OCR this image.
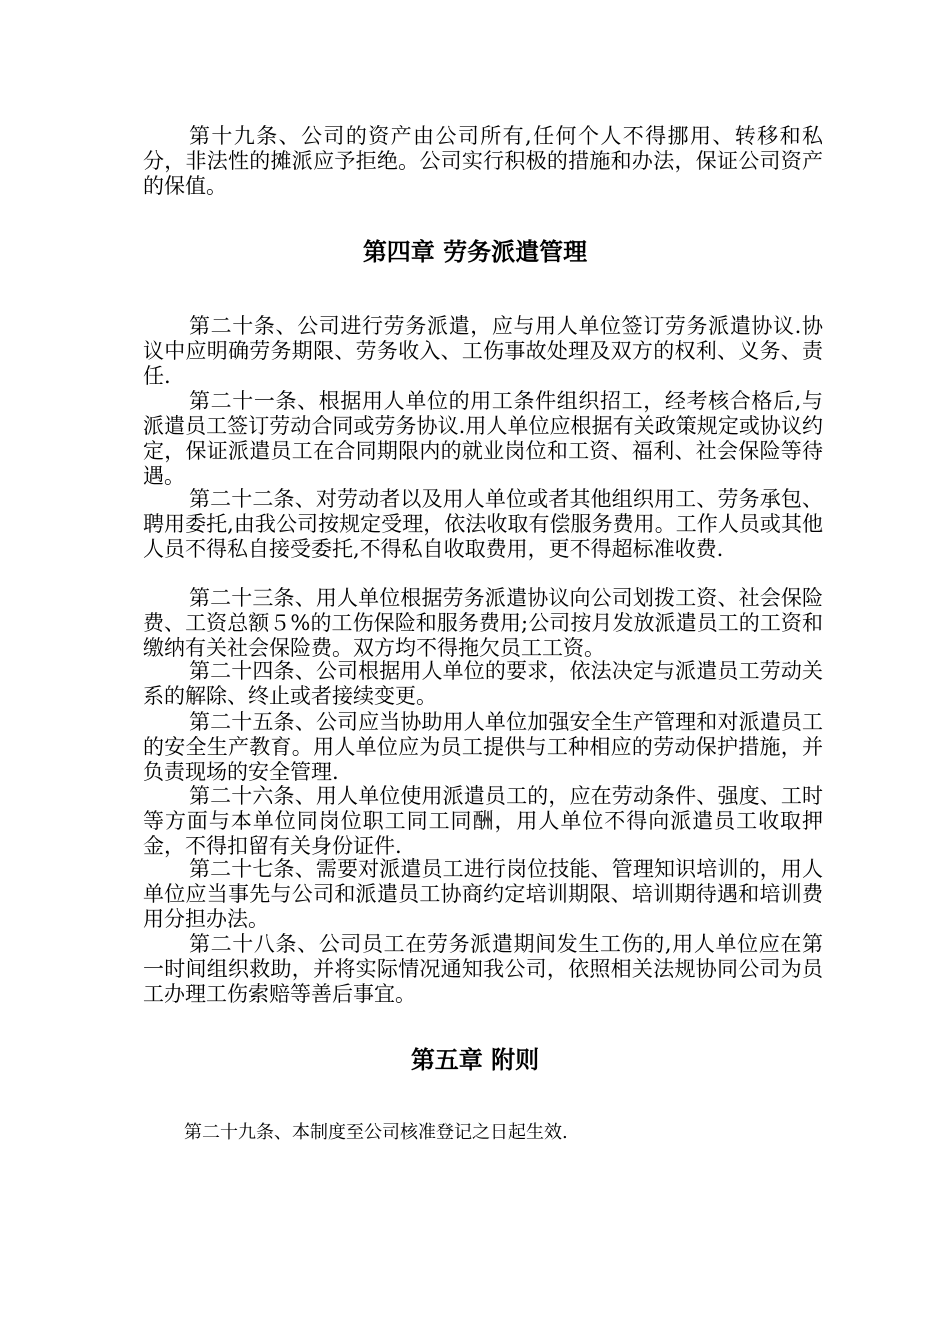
第十九条、公司的资产由公司所有,任何个人不得挪用、转移和私分，非法性的摊派应予拒绝。公司实行积极的措施和办法，保证公司资产的保值。

第四章 劳务派遣管理

第二十条、公司进行劳务派遣，应与用人单位签订劳务派遣协议.协议中应明确劳务期限、劳务收入、工伤事故处理及双方的权利、义务、责任.

第二十一条、根据用人单位的用工条件组织招工，经考核合格后,与派遣员工签订劳动合同或劳务协议.用人单位应根据有关政策规定或协议约定，保证派遣员工在合同期限内的就业岗位和工资、福利、社会保险等待遇。

第二十二条、对劳动者以及用人单位或者其他组织用工、劳务承包、聘用委托,由我公司按规定受理，依法收取有偿服务费用。工作人员或其他人员不得私自接受委托,不得私自收取费用，更不得超标准收费.

第二十三条、用人单位根据劳务派遣协议向公司划拨工资、社会保险费、工资总额５%的工伤保险和服务费用;公司按月发放派遣员工的工资和缴纳有关社会保险费。双方均不得拖欠员工工资。

第二十四条、公司根据用人单位的要求，依法决定与派遣员工劳动关系的解除、终止或者接续变更。

第二十五条、公司应当协助用人单位加强安全生产管理和对派遣员工的安全生产教育。用人单位应为员工提供与工种相应的劳动保护措施，并负责现场的安全管理.

第二十六条、用人单位使用派遣员工的，应在劳动条件、强度、工时等方面与本单位同岗位职工同工同酬，用人单位不得向派遣员工收取押金，不得扣留有关身份证件.

第二十七条、需要对派遣员工进行岗位技能、管理知识培训的，用人单位应当事先与公司和派遣员工协商约定培训期限、培训期待遇和培训费用分担办法。

第二十八条、公司员工在劳务派遣期间发生工伤的,用人单位应在第一时间组织救助，并将实际情况通知我公司，依照相关法规协同公司为员工办理工伤索赔等善后事宜。

第五章 附则

第二十九条、本制度至公司核准登记之日起生效.
